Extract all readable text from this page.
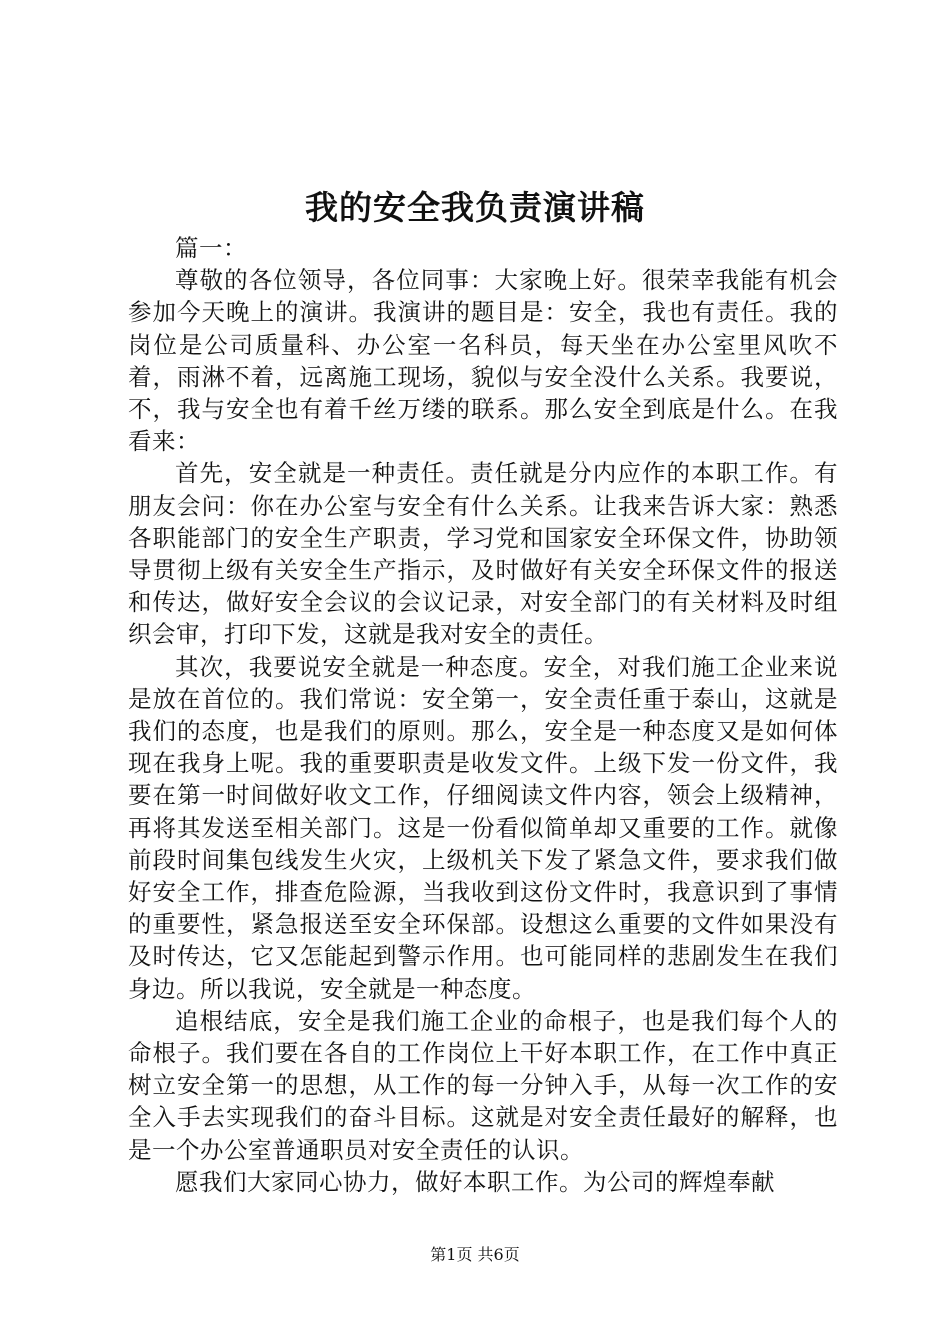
我的安全我负责演讲稿

篇一：

尊敬的各位领导，各位同事：大家晚上好。很荣幸我能有机会参加今天晚上的演讲。我演讲的题目是：安全，我也有责任。我的岗位是公司质量科、办公室一名科员，每天坐在办公室里风吹不着，雨淋不着，远离施工现场，貌似与安全没什么关系。我要说，不，我与安全也有着千丝万缕的联系。那么安全到底是什么。在我看来：

首先，安全就是一种责任。责任就是分内应作的本职工作。有朋友会问：你在办公室与安全有什么关系。让我来告诉大家：熟悉各职能部门的安全生产职责，学习党和国家安全环保文件，协助领导贯彻上级有关安全生产指示，及时做好有关安全环保文件的报送和传达，做好安全会议的会议记录，对安全部门的有关材料及时组织会审，打印下发，这就是我对安全的责任。

其次，我要说安全就是一种态度。安全，对我们施工企业来说是放在首位的。我们常说：安全第一，安全责任重于泰山，这就是我们的态度，也是我们的原则。那么，安全是一种态度又是如何体现在我身上呢。我的重要职责是收发文件。上级下发一份文件，我要在第一时间做好收文工作，仔细阅读文件内容，领会上级精神，再将其发送至相关部门。这是一份看似简单却又重要的工作。就像前段时间集包线发生火灾，上级机关下发了紧急文件，要求我们做好安全工作，排查危险源，当我收到这份文件时，我意识到了事情的重要性，紧急报送至安全环保部。设想这么重要的文件如果没有及时传达，它又怎能起到警示作用。也可能同样的悲剧发生在我们身边。所以我说，安全就是一种态度。

追根结底，安全是我们施工企业的命根子，也是我们每个人的命根子。我们要在各自的工作岗位上干好本职工作，在工作中真正树立安全第一的思想，从工作的每一分钟入手，从每一次工作的安全入手去实现我们的奋斗目标。这就是对安全责任最好的解释，也是一个办公室普通职员对安全责任的认识。

愿我们大家同心协力，做好本职工作。为公司的辉煌奉献

第1页 共6页
